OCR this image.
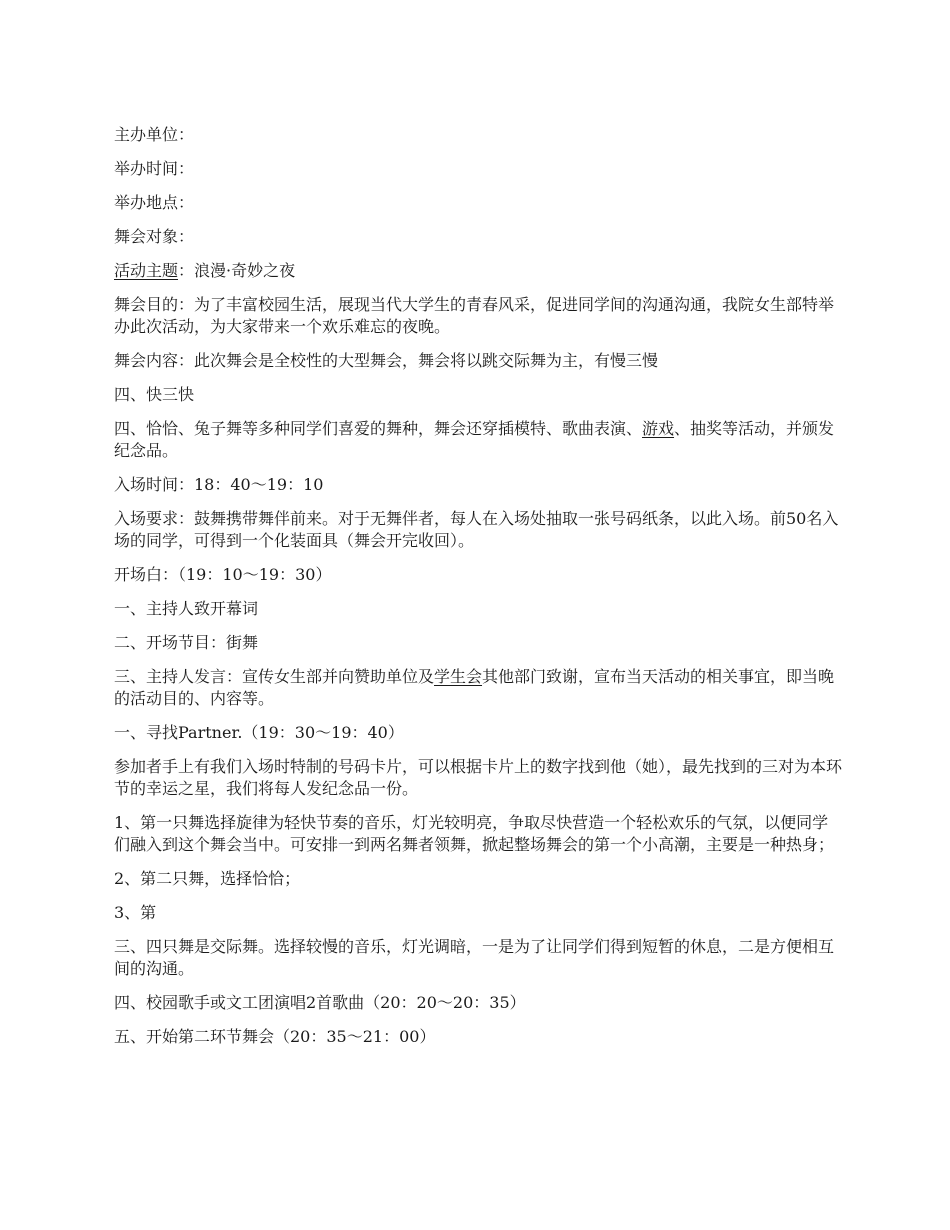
主办单位：

举办时间：

举办地点：

舞会对象：

活动主题：浪漫·奇妙之夜

舞会目的：为了丰富校园生活，展现当代大学生的青春风采，促进同学间的沟通沟通，我院女生部特举办此次活动，为大家带来一个欢乐难忘的夜晚。

舞会内容：此次舞会是全校性的大型舞会，舞会将以跳交际舞为主，有慢三慢

四、快三快

四、恰恰、兔子舞等多种同学们喜爱的舞种，舞会还穿插模特、歌曲表演、游戏、抽奖等活动，并颁发纪念品。

入场时间：18：40～19：10

入场要求：鼓舞携带舞伴前来。对于无舞伴者，每人在入场处抽取一张号码纸条，以此入场。前50名入场的同学，可得到一个化装面具（舞会开完收回）。

开场白：（19：10～19：30）

一、主持人致开幕词

二、开场节目：街舞

三、主持人发言：宣传女生部并向赞助单位及学生会其他部门致谢，宣布当天活动的相关事宜，即当晚的活动目的、内容等。

一、寻找Partner.（19：30～19：40）

参加者手上有我们入场时特制的号码卡片，可以根据卡片上的数字找到他（她），最先找到的三对为本环节的幸运之星，我们将每人发纪念品一份。

1、第一只舞选择旋律为轻快节奏的音乐，灯光较明亮，争取尽快营造一个轻松欢乐的气氛，以便同学们融入到这个舞会当中。可安排一到两名舞者领舞，掀起整场舞会的第一个小高潮，主要是一种热身；

2、第二只舞，选择恰恰；

3、第

三、四只舞是交际舞。选择较慢的音乐，灯光调暗，一是为了让同学们得到短暂的休息，二是方便相互间的沟通。

四、校园歌手或文工团演唱2首歌曲（20：20～20：35）

五、开始第二环节舞会（20：35～21：00）
